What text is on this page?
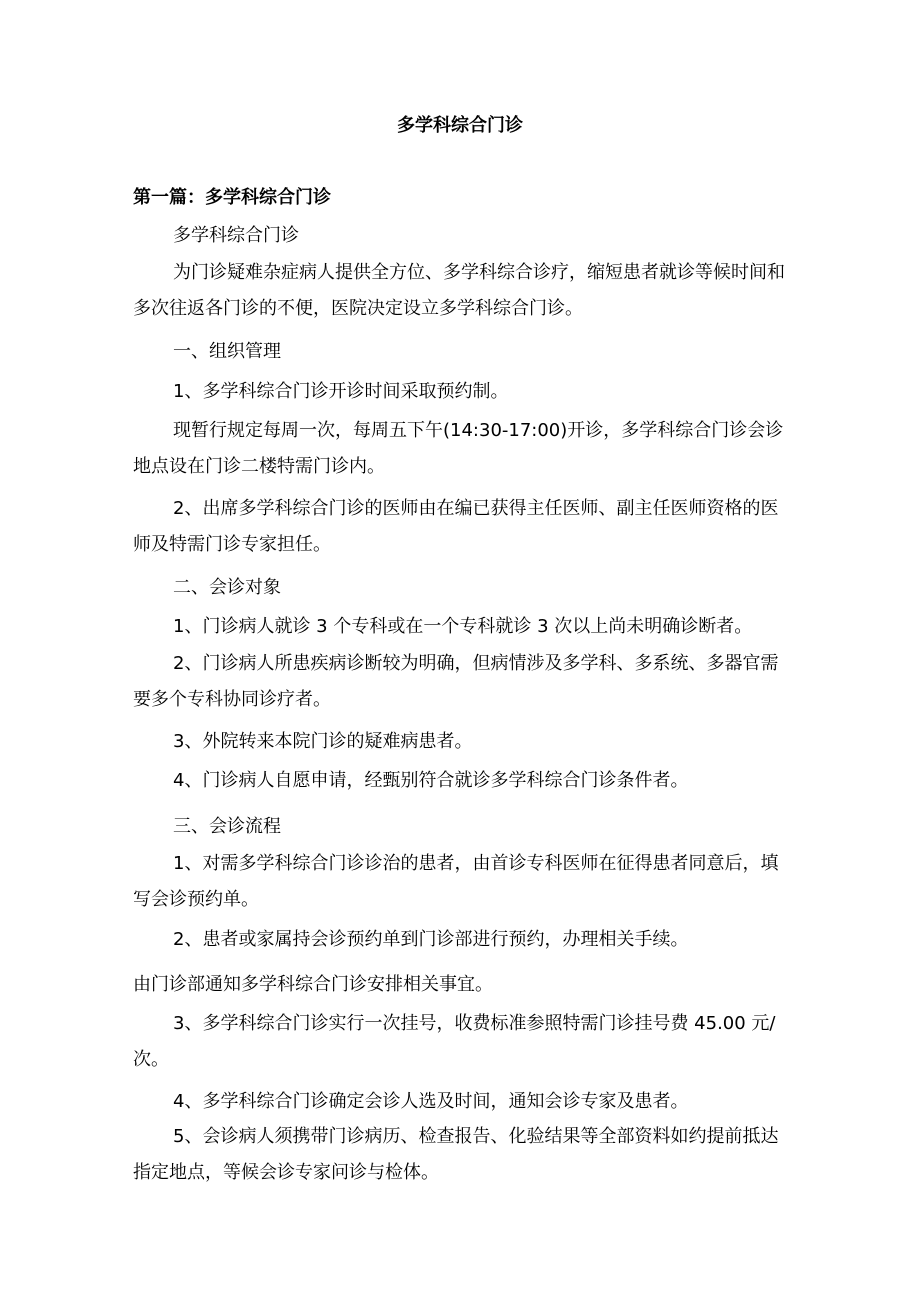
多学科综合门诊
第一篇：多学科综合门诊

多学科综合门诊

为门诊疑难杂症病人提供全方位、多学科综合诊疗，缩短患者就诊等候时间和多次往返各门诊的不便，医院决定设立多学科综合门诊。

一、组织管理

1、多学科综合门诊开诊时间采取预约制。

现暂行规定每周一次，每周五下午(14:30-17:00)开诊，多学科综合门诊会诊地点设在门诊二楼特需门诊内。

2、出席多学科综合门诊的医师由在编已获得主任医师、副主任医师资格的医师及特需门诊专家担任。

二、会诊对象

1、门诊病人就诊 3 个专科或在一个专科就诊 3 次以上尚未明确诊断者。

2、门诊病人所患疾病诊断较为明确，但病情涉及多学科、多系统、多器官需要多个专科协同诊疗者。

3、外院转来本院门诊的疑难病患者。

4、门诊病人自愿申请，经甄别符合就诊多学科综合门诊条件者。

三、会诊流程

1、对需多学科综合门诊诊治的患者，由首诊专科医师在征得患者同意后，填写会诊预约单。

2、患者或家属持会诊预约单到门诊部进行预约，办理相关手续。

由门诊部通知多学科综合门诊安排相关事宜。

3、多学科综合门诊实行一次挂号，收费标准参照特需门诊挂号费 45.00 元/次。

4、多学科综合门诊确定会诊人选及时间，通知会诊专家及患者。

5、会诊病人须携带门诊病历、检查报告、化验结果等全部资料如约提前抵达指定地点，等候会诊专家问诊与检体。
